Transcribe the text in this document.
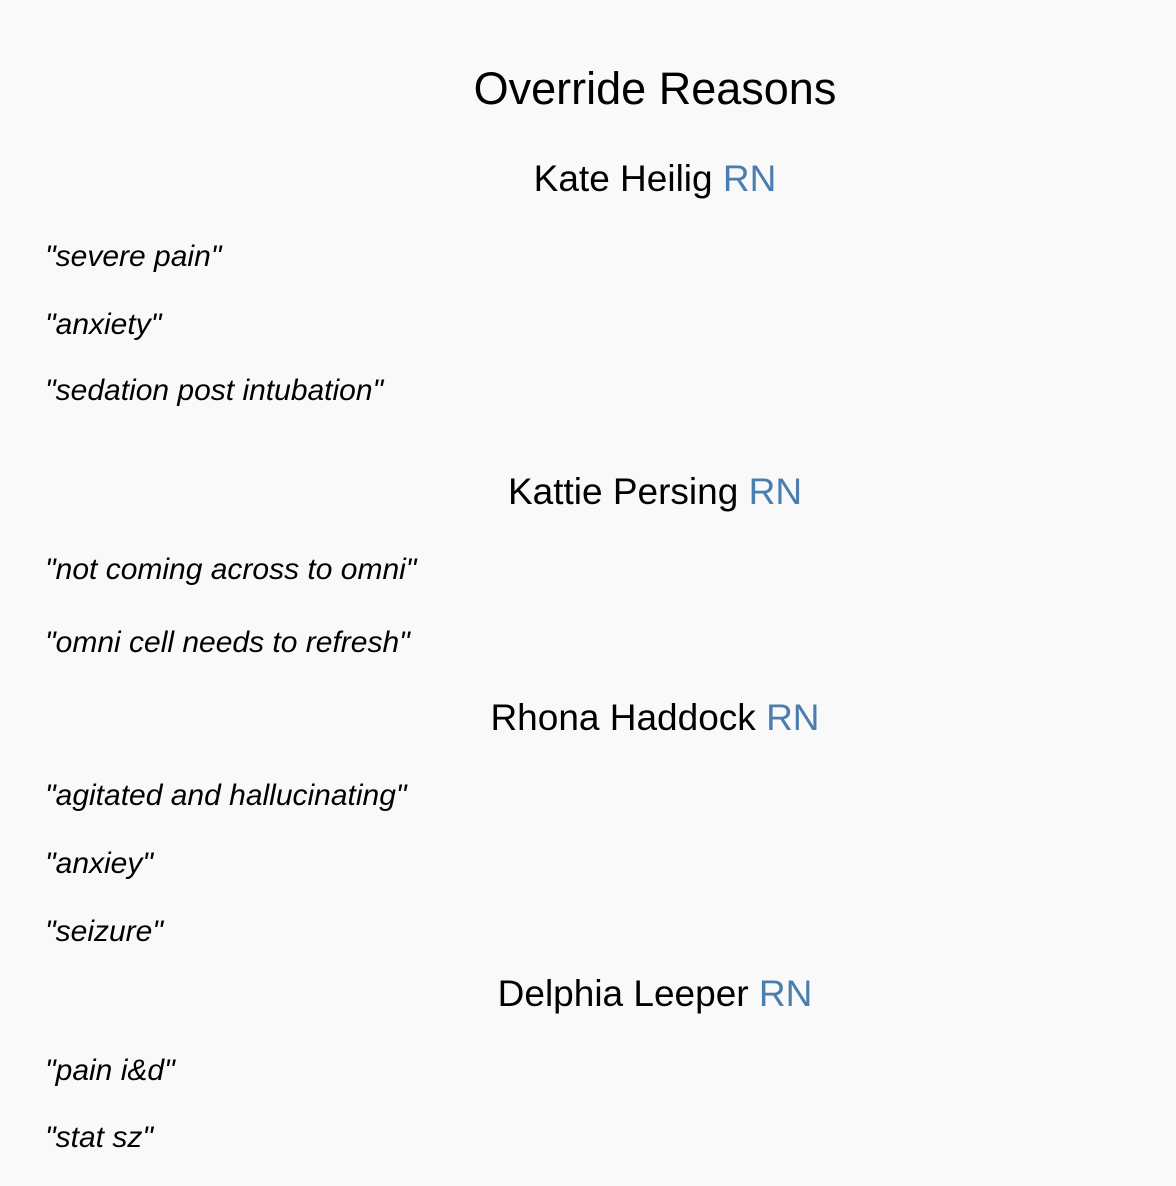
Override Reasons
Kate Heilig RN

"severe pain"

"anxiety"

"sedation post intubation"

Kattie Persing RN

"not coming across to omni"

"omni cell needs to refresh"

Rhona Haddock RN

"agitated and hallucinating"

"anxiey"

"seizure"

Delphia Leeper RN

"pain i&d"

"stat sz"
